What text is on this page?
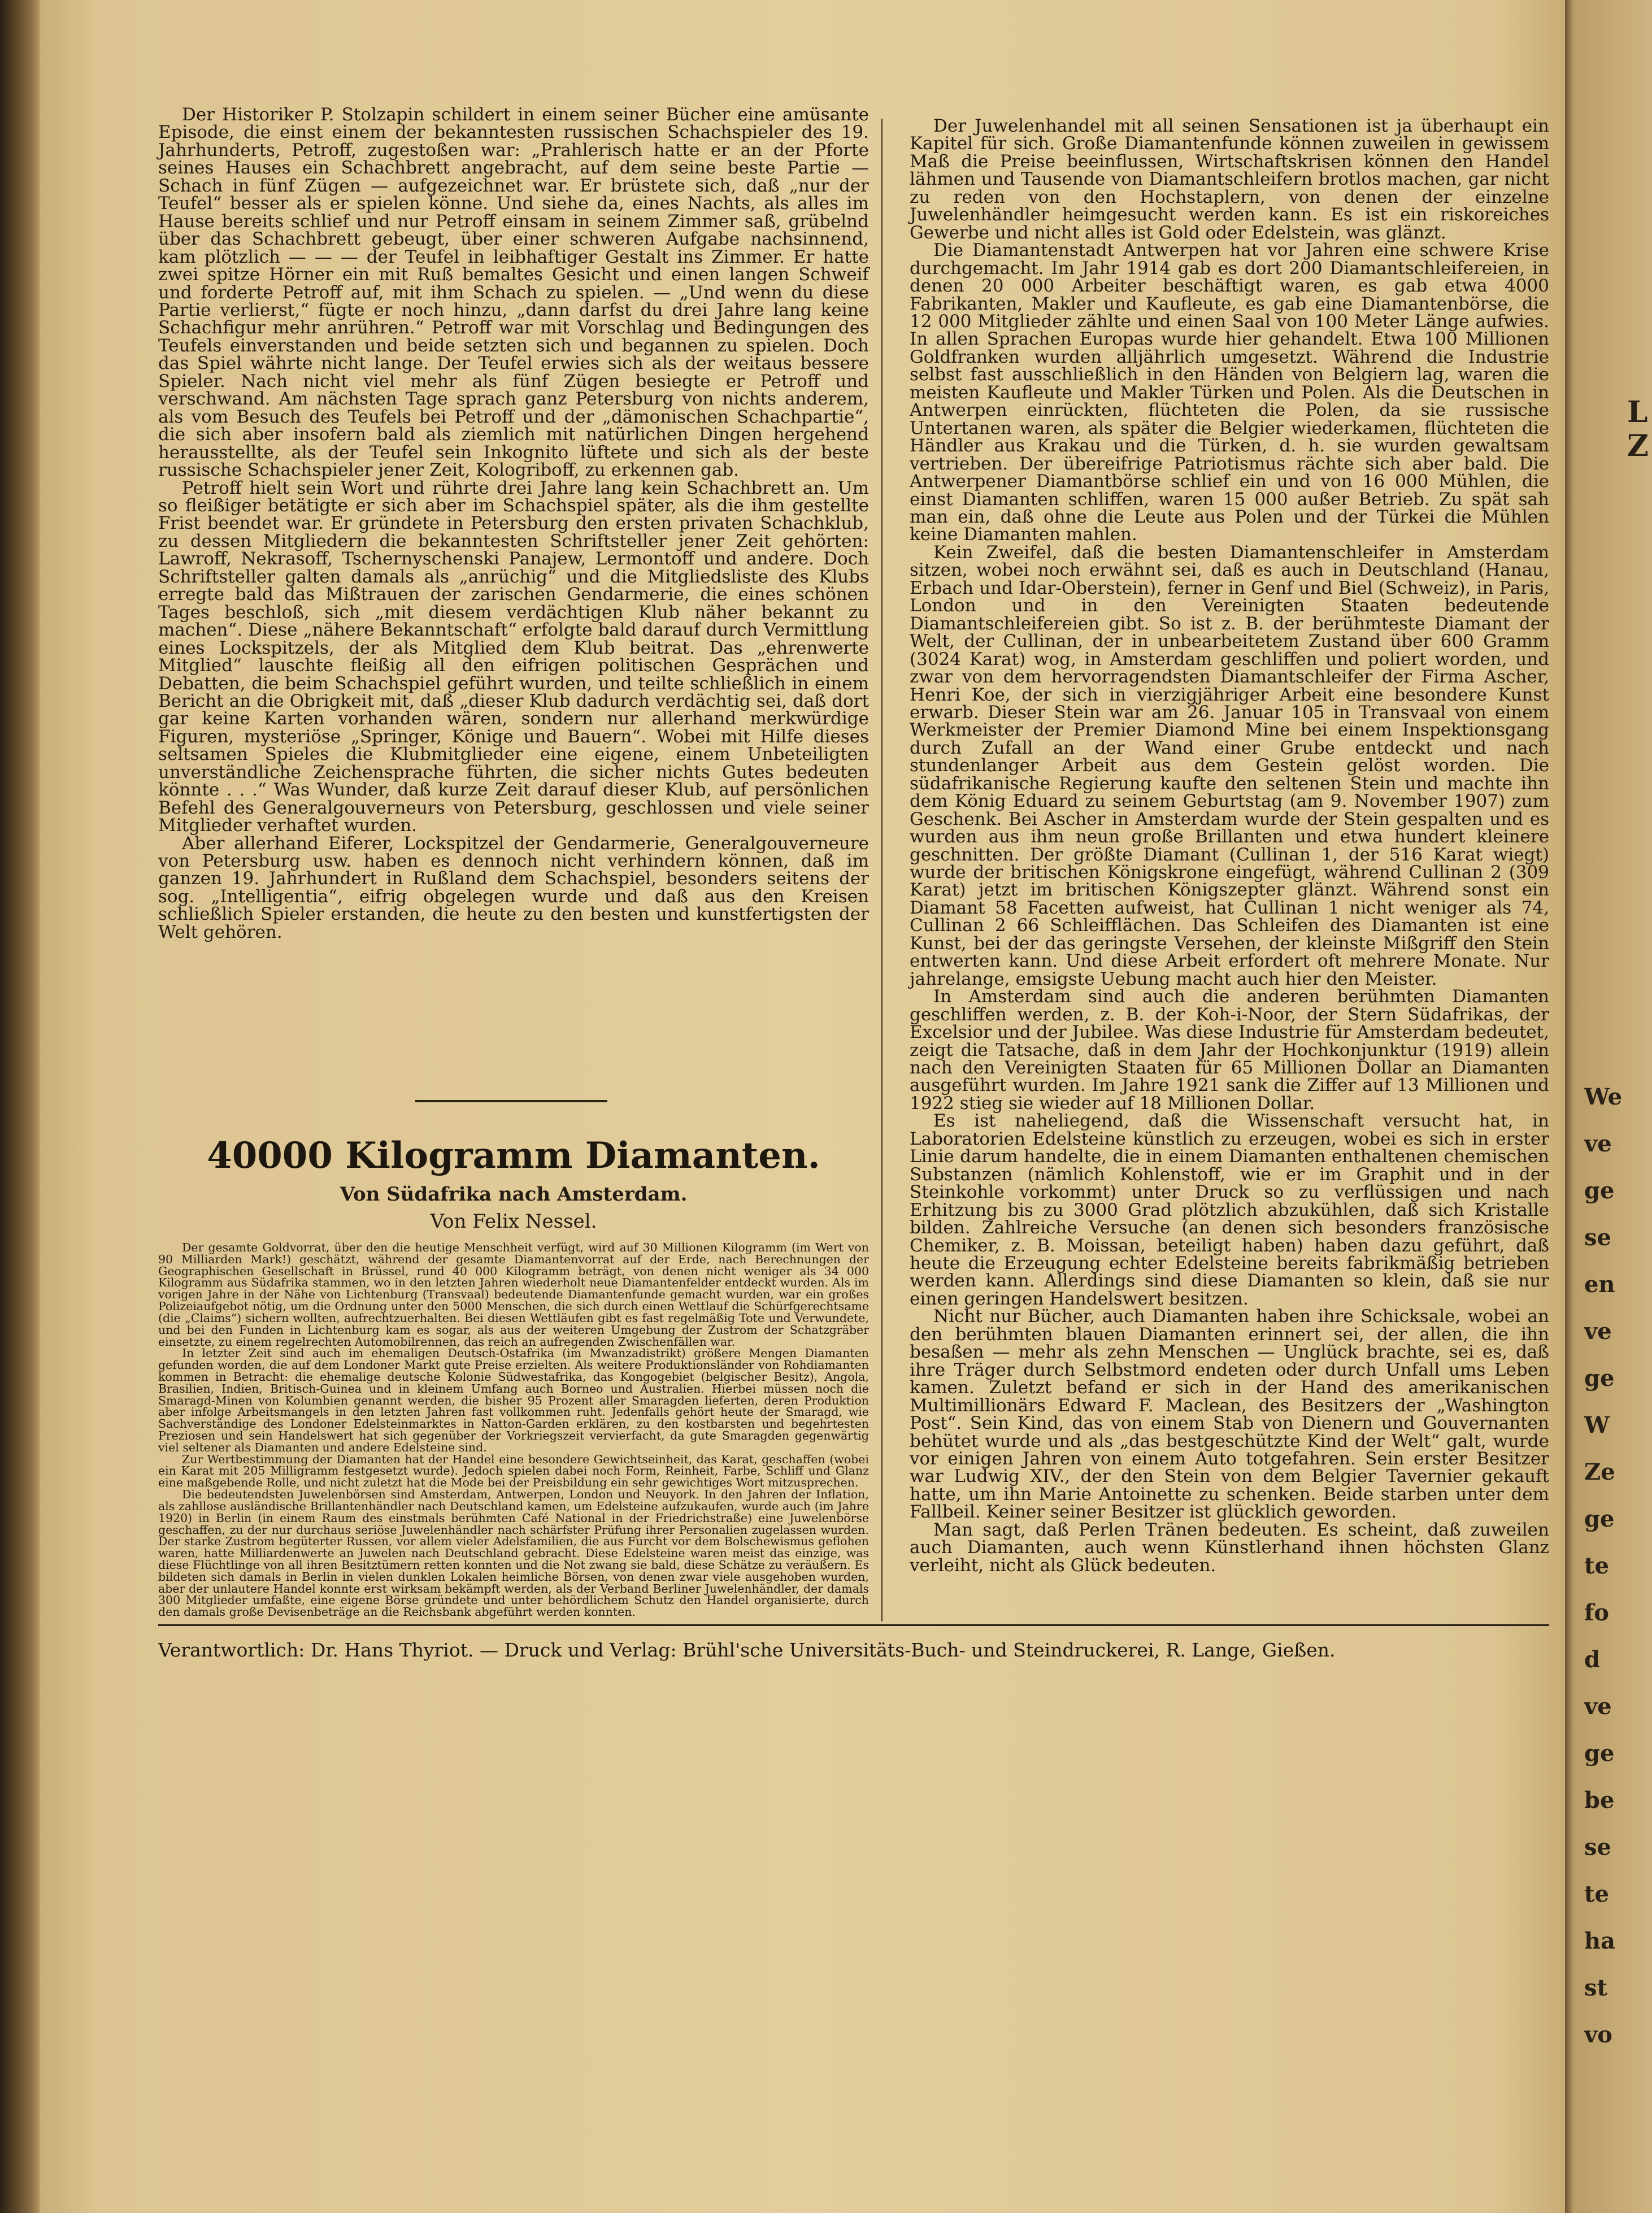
Der Historiker P. Stolzapin schildert in einem seiner Bücher eine amüsante Episode, die einst einem der bekanntesten russischen Schachspieler des 19. Jahrhunderts, Petroff, zugestoßen war: „Prahlerisch hatte er an der Pforte seines Hauses ein Schachbrett angebracht, auf dem seine beste Partie — Schach in fünf Zügen — aufgezeichnet war. Er brüstete sich, daß „nur der Teufel“ besser als er spielen könne. Und siehe da, eines Nachts, als alles im Hause bereits schlief und nur Petroff einsam in seinem Zimmer saß, grübelnd über das Schachbrett gebeugt, über einer schweren Aufgabe nachsinnend, kam plötzlich — — — der Teufel in leibhaftiger Gestalt ins Zimmer. Er hatte zwei spitze Hörner ein mit Ruß bemaltes Gesicht und einen langen Schweif und forderte Petroff auf, mit ihm Schach zu spielen. — „Und wenn du diese Partie verlierst,“ fügte er noch hinzu, „dann darfst du drei Jahre lang keine Schachfigur mehr anrühren.“ Petroff war mit Vorschlag und Bedingungen des Teufels einverstanden und beide setzten sich und begannen zu spielen. Doch das Spiel währte nicht lange. Der Teufel erwies sich als der weitaus bessere Spieler. Nach nicht viel mehr als fünf Zügen besiegte er Petroff und verschwand. Am nächsten Tage sprach ganz Petersburg von nichts anderem, als vom Besuch des Teufels bei Petroff und der „dämonischen Schachpartie“, die sich aber insofern bald als ziemlich mit natürlichen Dingen hergehend herausstellte, als der Teufel sein Inkognito lüftete und sich als der beste russische Schachspieler jener Zeit, Kologriboff, zu erkennen gab.

Petroff hielt sein Wort und rührte drei Jahre lang kein Schachbrett an. Um so fleißiger betätigte er sich aber im Schachspiel später, als die ihm gestellte Frist beendet war. Er gründete in Petersburg den ersten privaten Schachklub, zu dessen Mitgliedern die bekanntesten Schriftsteller jener Zeit gehörten: Lawroff, Nekrasoff, Tschernyschenski Panajew, Lermontoff und andere. Doch Schriftsteller galten damals als „anrüchig“ und die Mitgliedsliste des Klubs erregte bald das Mißtrauen der zarischen Gendarmerie, die eines schönen Tages beschloß, sich „mit diesem verdächtigen Klub näher bekannt zu machen“. Diese „nähere Bekanntschaft“ erfolgte bald darauf durch Vermittlung eines Lockspitzels, der als Mitglied dem Klub beitrat. Das „ehrenwerte Mitglied“ lauschte fleißig all den eifrigen politischen Gesprächen und Debatten, die beim Schachspiel geführt wurden, und teilte schließlich in einem Bericht an die Obrigkeit mit, daß „dieser Klub dadurch verdächtig sei, daß dort gar keine Karten vorhanden wären, sondern nur allerhand merkwürdige Figuren, mysteriöse „Springer, Könige und Bauern“. Wobei mit Hilfe dieses seltsamen Spieles die Klubmitglieder eine eigene, einem Unbeteiligten unverständliche Zeichensprache führten, die sicher nichts Gutes bedeuten könnte . . .“ Was Wunder, daß kurze Zeit darauf dieser Klub, auf persönlichen Befehl des Generalgouverneurs von Petersburg, geschlossen und viele seiner Mitglieder verhaftet wurden.

Aber allerhand Eiferer, Lockspitzel der Gendarmerie, Generalgouverneure von Petersburg usw. haben es dennoch nicht verhindern können, daß im ganzen 19. Jahrhundert in Rußland dem Schachspiel, besonders seitens der sog. „Intelligentia“, eifrig obgelegen wurde und daß aus den Kreisen schließlich Spieler erstanden, die heute zu den besten und kunstfertigsten der Welt gehören.

40000 Kilogramm Diamanten.
Von Südafrika nach Amsterdam.
Von Felix Nessel.

Der gesamte Goldvorrat, über den die heutige Menschheit verfügt, wird auf 30 Millionen Kilogramm (im Wert von 90 Milliarden Mark!) geschätzt, während der gesamte Diamantenvorrat auf der Erde, nach Berechnungen der Geographischen Gesellschaft in Brüssel, rund 40 000 Kilogramm beträgt, von denen nicht weniger als 34 000 Kilogramm aus Südafrika stammen, wo in den letzten Jahren wiederholt neue Diamantenfelder entdeckt wurden. Als im vorigen Jahre in der Nähe von Lichtenburg (Transvaal) bedeutende Diamantenfunde gemacht wurden, war ein großes Polizeiaufgebot nötig, um die Ordnung unter den 5000 Menschen, die sich durch einen Wettlauf die Schürfgerechtsame (die „Claims“) sichern wollten, aufrechtzuerhalten. Bei diesen Wettläufen gibt es fast regelmäßig Tote und Verwundete, und bei den Funden in Lichtenburg kam es sogar, als aus der weiteren Umgebung der Zustrom der Schatzgräber einsetzte, zu einem regelrechten Automobilrennen, das reich an aufregenden Zwischenfällen war.

In letzter Zeit sind auch im ehemaligen Deutsch-Ostafrika (im Mwanzadistrikt) größere Mengen Diamanten gefunden worden, die auf dem Londoner Markt gute Preise erzielten. Als weitere Produktionsländer von Rohdiamanten kommen in Betracht: die ehemalige deutsche Kolonie Südwestafrika, das Kongogebiet (belgischer Besitz), Angola, Brasilien, Indien, Britisch-Guinea und in kleinem Umfang auch Borneo und Australien. Hierbei müssen noch die Smaragd-Minen von Kolumbien genannt werden, die bisher 95 Prozent aller Smaragden lieferten, deren Produktion aber infolge Arbeitsmangels in den letzten Jahren fast vollkommen ruht. Jedenfalls gehört heute der Smaragd, wie Sachverständige des Londoner Edelsteinmarktes in Natton-Garden erklären, zu den kostbarsten und begehrtesten Preziosen und sein Handelswert hat sich gegenüber der Vorkriegszeit vervierfacht, da gute Smaragden gegenwärtig viel seltener als Diamanten und andere Edelsteine sind.

Zur Wertbestimmung der Diamanten hat der Handel eine besondere Gewichtseinheit, das Karat, geschaffen (wobei ein Karat mit 205 Milligramm festgesetzt wurde). Jedoch spielen dabei noch Form, Reinheit, Farbe, Schliff und Glanz eine maßgebende Rolle, und nicht zuletzt hat die Mode bei der Preisbildung ein sehr gewichtiges Wort mitzusprechen.

Die bedeutendsten Juwelenbörsen sind Amsterdam, Antwerpen, London und Neuyork. In den Jahren der Inflation, als zahllose ausländische Brillantenhändler nach Deutschland kamen, um Edelsteine aufzukaufen, wurde auch (im Jahre 1920) in Berlin (in einem Raum des einstmals berühmten Café National in der Friedrichstraße) eine Juwelenbörse geschaffen, zu der nur durchaus seriöse Juwelenhändler nach schärfster Prüfung ihrer Personalien zugelassen wurden. Der starke Zustrom begüterter Russen, vor allem vieler Adelsfamilien, die aus Furcht vor dem Bolschewismus geflohen waren, hatte Milliardenwerte an Juwelen nach Deutschland gebracht. Diese Edelsteine waren meist das einzige, was diese Flüchtlinge von all ihren Besitztümern retten konnten und die Not zwang sie bald, diese Schätze zu veräußern. Es bildeten sich damals in Berlin in vielen dunklen Lokalen heimliche Börsen, von denen zwar viele ausgehoben wurden, aber der unlautere Handel konnte erst wirksam bekämpft werden, als der Verband Berliner Juwelenhändler, der damals 300 Mitglieder umfaßte, eine eigene Börse gründete und unter behördlichem Schutz den Handel organisierte, durch den damals große Devisenbeträge an die Reichsbank abgeführt werden konnten.

Der Juwelenhandel mit all seinen Sensationen ist ja überhaupt ein Kapitel für sich. Große Diamantenfunde können zuweilen in gewissem Maß die Preise beeinflussen, Wirtschaftskrisen können den Handel lähmen und Tausende von Diamantschleifern brotlos machen, gar nicht zu reden von den Hochstaplern, von denen der einzelne Juwelenhändler heimgesucht werden kann. Es ist ein riskoreiches Gewerbe und nicht alles ist Gold oder Edelstein, was glänzt.

Die Diamantenstadt Antwerpen hat vor Jahren eine schwere Krise durchgemacht. Im Jahr 1914 gab es dort 200 Diamantschleifereien, in denen 20 000 Arbeiter beschäftigt waren, es gab etwa 4000 Fabrikanten, Makler und Kaufleute, es gab eine Diamantenbörse, die 12 000 Mitglieder zählte und einen Saal von 100 Meter Länge aufwies. In allen Sprachen Europas wurde hier gehandelt. Etwa 100 Millionen Goldfranken wurden alljährlich umgesetzt. Während die Industrie selbst fast ausschließlich in den Händen von Belgiern lag, waren die meisten Kaufleute und Makler Türken und Polen. Als die Deutschen in Antwerpen einrückten, flüchteten die Polen, da sie russische Untertanen waren, als später die Belgier wiederkamen, flüchteten die Händler aus Krakau und die Türken, d. h. sie wurden gewaltsam vertrieben. Der übereifrige Patriotismus rächte sich aber bald. Die Antwerpener Diamantbörse schlief ein und von 16 000 Mühlen, die einst Diamanten schliffen, waren 15 000 außer Betrieb. Zu spät sah man ein, daß ohne die Leute aus Polen und der Türkei die Mühlen keine Diamanten mahlen.

Kein Zweifel, daß die besten Diamantenschleifer in Amsterdam sitzen, wobei noch erwähnt sei, daß es auch in Deutschland (Hanau, Erbach und Idar-Oberstein), ferner in Genf und Biel (Schweiz), in Paris, London und in den Vereinigten Staaten bedeutende Diamantschleifereien gibt. So ist z. B. der berühmteste Diamant der Welt, der Cullinan, der in unbearbeitetem Zustand über 600 Gramm (3024 Karat) wog, in Amsterdam geschliffen und poliert worden, und zwar von dem hervorragendsten Diamantschleifer der Firma Ascher, Henri Koe, der sich in vierzigjähriger Arbeit eine besondere Kunst erwarb. Dieser Stein war am 26. Januar 105 in Transvaal von einem Werkmeister der Premier Diamond Mine bei einem Inspektionsgang durch Zufall an der Wand einer Grube entdeckt und nach stundenlanger Arbeit aus dem Gestein gelöst worden. Die südafrikanische Regierung kaufte den seltenen Stein und machte ihn dem König Eduard zu seinem Geburtstag (am 9. November 1907) zum Geschenk. Bei Ascher in Amsterdam wurde der Stein gespalten und es wurden aus ihm neun große Brillanten und etwa hundert kleinere geschnitten. Der größte Diamant (Cullinan 1, der 516 Karat wiegt) wurde der britischen Königskrone eingefügt, während Cullinan 2 (309 Karat) jetzt im britischen Königszepter glänzt. Während sonst ein Diamant 58 Facetten aufweist, hat Cullinan 1 nicht weniger als 74, Cullinan 2 66 Schleifflächen. Das Schleifen des Diamanten ist eine Kunst, bei der das geringste Versehen, der kleinste Mißgriff den Stein entwerten kann. Und diese Arbeit erfordert oft mehrere Monate. Nur jahrelange, emsigste Uebung macht auch hier den Meister.

In Amsterdam sind auch die anderen berühmten Diamanten geschliffen werden, z. B. der Koh-i-Noor, der Stern Südafrikas, der Excelsior und der Jubilee. Was diese Industrie für Amsterdam bedeutet, zeigt die Tatsache, daß in dem Jahr der Hochkonjunktur (1919) allein nach den Vereinigten Staaten für 65 Millionen Dollar an Diamanten ausgeführt wurden. Im Jahre 1921 sank die Ziffer auf 13 Millionen und 1922 stieg sie wieder auf 18 Millionen Dollar.

Es ist naheliegend, daß die Wissenschaft versucht hat, in Laboratorien Edelsteine künstlich zu erzeugen, wobei es sich in erster Linie darum handelte, die in einem Diamanten enthaltenen chemischen Substanzen (nämlich Kohlenstoff, wie er im Graphit und in der Steinkohle vorkommt) unter Druck so zu verflüssigen und nach Erhitzung bis zu 3000 Grad plötzlich abzukühlen, daß sich Kristalle bilden. Zahlreiche Versuche (an denen sich besonders französische Chemiker, z. B. Moissan, beteiligt haben) haben dazu geführt, daß heute die Erzeugung echter Edelsteine bereits fabrikmäßig betrieben werden kann. Allerdings sind diese Diamanten so klein, daß sie nur einen geringen Handelswert besitzen.

Nicht nur Bücher, auch Diamanten haben ihre Schicksale, wobei an den berühmten blauen Diamanten erinnert sei, der allen, die ihn besaßen — mehr als zehn Menschen — Unglück brachte, sei es, daß ihre Träger durch Selbstmord endeten oder durch Unfall ums Leben kamen. Zuletzt befand er sich in der Hand des amerikanischen Multimillionärs Edward F. Maclean, des Besitzers der „Washington Post“. Sein Kind, das von einem Stab von Dienern und Gouvernanten behütet wurde und als „das bestgeschützte Kind der Welt“ galt, wurde vor einigen Jahren von einem Auto totgefahren. Sein erster Besitzer war Ludwig XIV., der den Stein von dem Belgier Tavernier gekauft hatte, um ihn Marie Antoinette zu schenken. Beide starben unter dem Fallbeil. Keiner seiner Besitzer ist glücklich geworden.

Man sagt, daß Perlen Tränen bedeuten. Es scheint, daß zuweilen auch Diamanten, auch wenn Künstlerhand ihnen höchsten Glanz verleiht, nicht als Glück bedeuten.

Verantwortlich: Dr. Hans Thyriot. — Druck und Verlag: Brühl'sche Universitäts-Buch- und Steindruckerei, R. Lange, Gießen.
L
Z
We
ve
ge
se
en
ve
ge
W
Ze
ge
te
fo
d
ve
ge
be
se
te
ha
st
vo
